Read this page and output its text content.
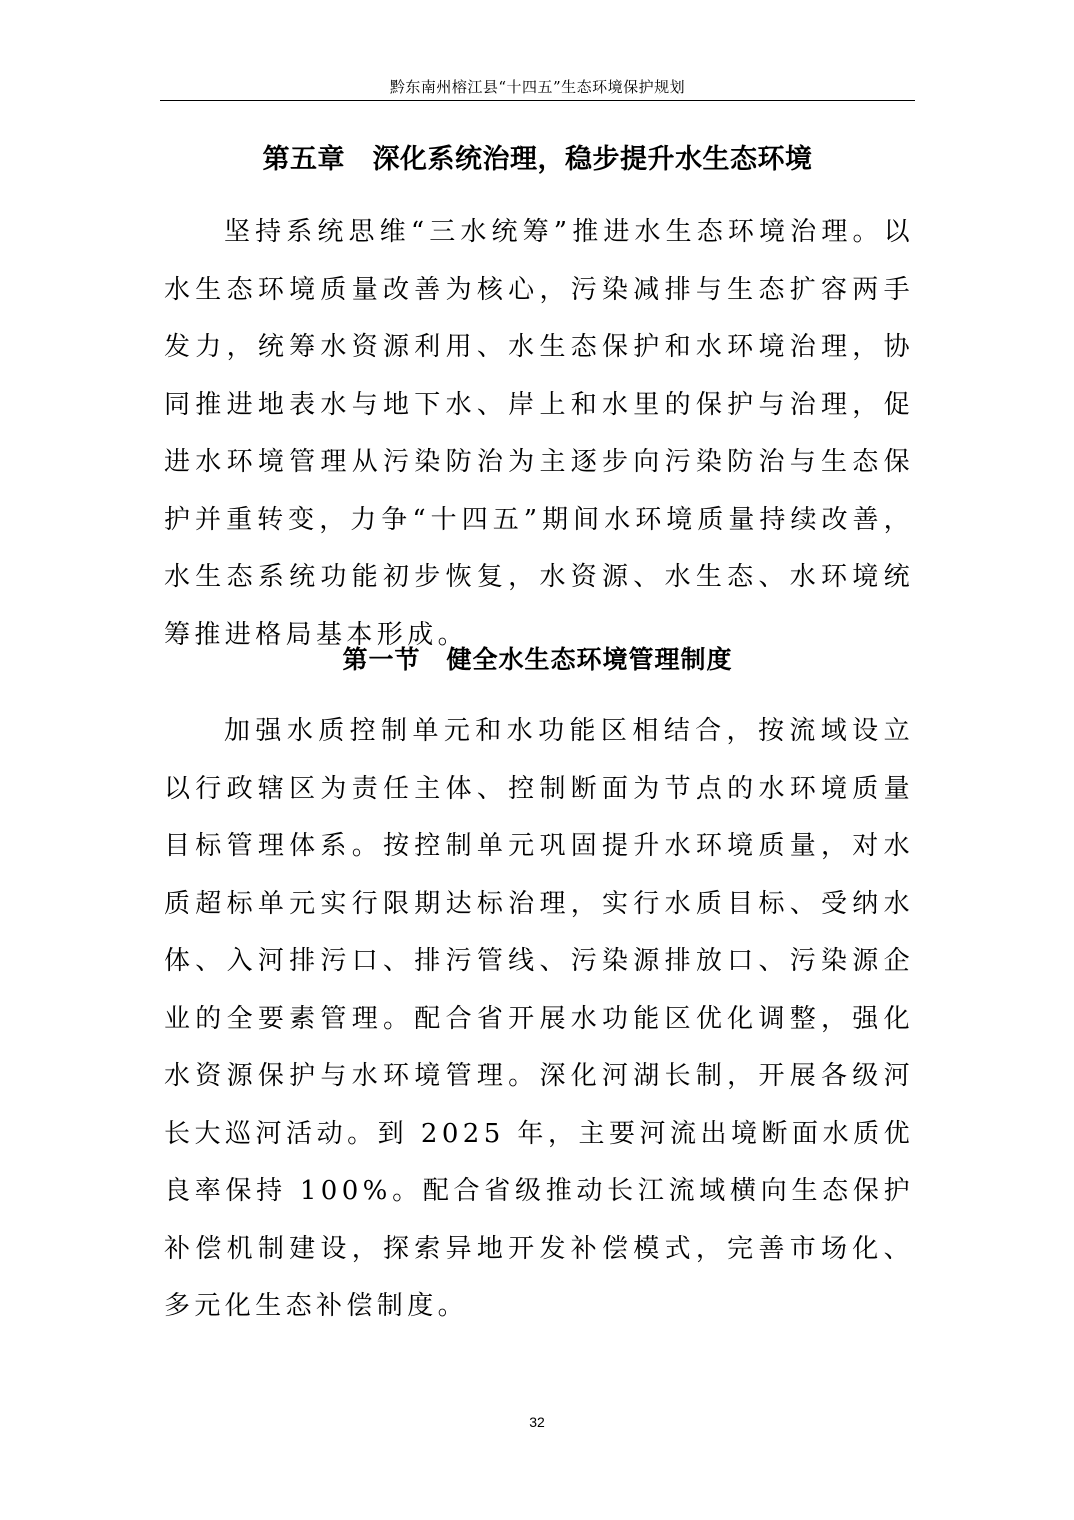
黔东南州榕江县“十四五”生态环境保护规划
第五章　深化系统治理，稳步提升水生态环境

坚持系统思维“三水统筹”推进水生态环境治理。以水生态环境质量改善为核心，污染减排与生态扩容两手发力，统筹水资源利用、水生态保护和水环境治理，协同推进地表水与地下水、岸上和水里的保护与治理，促进水环境管理从污染防治为主逐步向污染防治与生态保护并重转变，力争“十四五”期间水环境质量持续改善，水生态系统功能初步恢复，水资源、水生态、水环境统筹推进格局基本形成。

第一节　健全水生态环境管理制度

加强水质控制单元和水功能区相结合，按流域设立以行政辖区为责任主体、控制断面为节点的水环境质量目标管理体系。按控制单元巩固提升水环境质量，对水质超标单元实行限期达标治理，实行水质目标、受纳水体、入河排污口、排污管线、污染源排放口、污染源企业的全要素管理。配合省开展水功能区优化调整，强化水资源保护与水环境管理。深化河湖长制，开展各级河长大巡河活动。到 2025 年，主要河流出境断面水质优良率保持 100%。配合省级推动长江流域横向生态保护补偿机制建设，探索异地开发补偿模式，完善市场化、多元化生态补偿制度。

32
